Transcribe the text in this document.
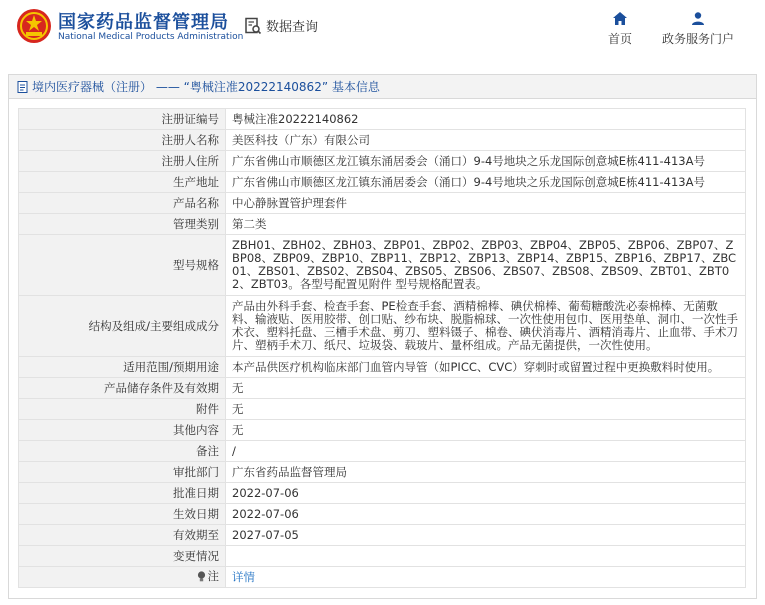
国家药品监督管理局
National Medical Products Administration
数据查询
首页	政务服务门户
境内医疗器械（注册） —— “粤械注准20222140862” 基本信息
注册证编号	粤械注准20222140862
注册人名称	美医科技（广东）有限公司
注册人住所	广东省佛山市顺德区龙江镇东涌居委会（涌口）9-4号地块之乐龙国际创意城E栋411-413A号
生产地址	广东省佛山市顺德区龙江镇东涌居委会（涌口）9-4号地块之乐龙国际创意城E栋411-413A号
产品名称	中心静脉置管护理套件
管理类别	第二类
型号规格	ZBH01、ZBH02、ZBH03、ZBP01、ZBP02、ZBP03、ZBP04、ZBP05、ZBP06、ZBP07、ZBP08、ZBP09、ZBP10、ZBP11、ZBP12、ZBP13、ZBP14、ZBP15、ZBP16、ZBP17、ZBC01、ZBS01、ZBS02、ZBS04、ZBS05、ZBS06、ZBS07、ZBS08、ZBS09、ZBT01、ZBT02、ZBT03。各型号配置见附件 型号规格配置表。
结构及组成/主要组成成分	产品由外科手套、检查手套、PE检查手套、酒精棉棒、碘伏棉棒、葡萄糖酸洗必泰棉棒、无菌敷料、输液贴、医用胶带、创口贴、纱布块、脱脂棉球、一次性使用包巾、医用垫单、洞巾、一次性手术衣、塑料托盘、三槽手术盘、剪刀、塑料镊子、棉卷、碘伏消毒片、酒精消毒片、止血带、手术刀片、塑柄手术刀、纸尺、垃圾袋、载玻片、量杯组成。产品无菌提供，一次性使用。
适用范围/预期用途	本产品供医疗机构临床部门血管内导管（如PICC、CVC）穿刺时或留置过程中更换敷料时使用。
产品储存条件及有效期	无
附件	无
其他内容	无
备注	/
审批部门	广东省药品监督管理局
批准日期	2022-07-06
生效日期	2022-07-06
有效期至	2027-07-05
变更情况	

注	详情
